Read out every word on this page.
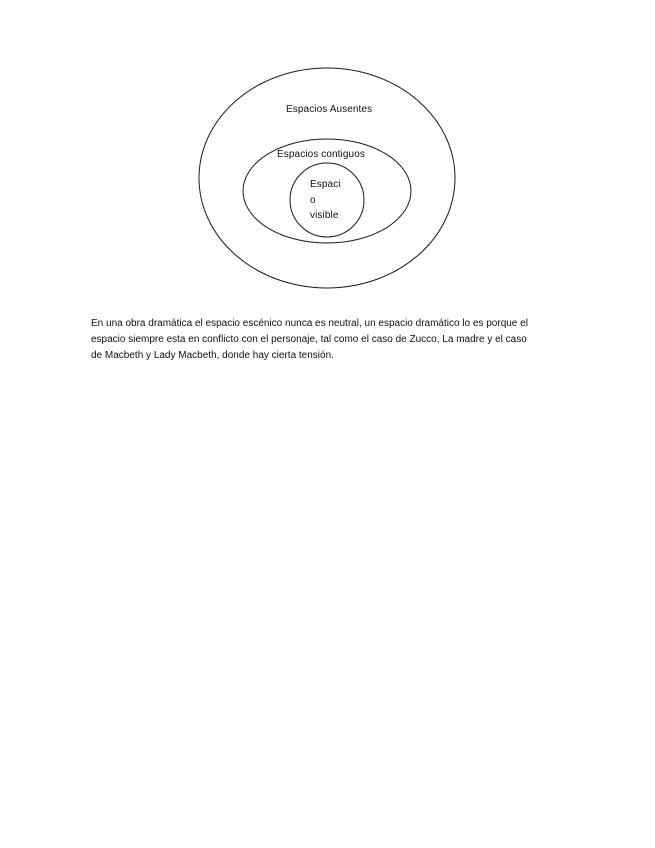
Espacios Ausentes
Espacios contiguos
Espaci
o
visible
En una obra dramática el espacio escénico nunca es neutral, un espacio dramático lo es porque el
espacio siempre esta en conflicto con el personaje, tal como el caso de Zucco, La madre y el caso
de Macbeth y Lady Macbeth, donde hay cierta tensión.
